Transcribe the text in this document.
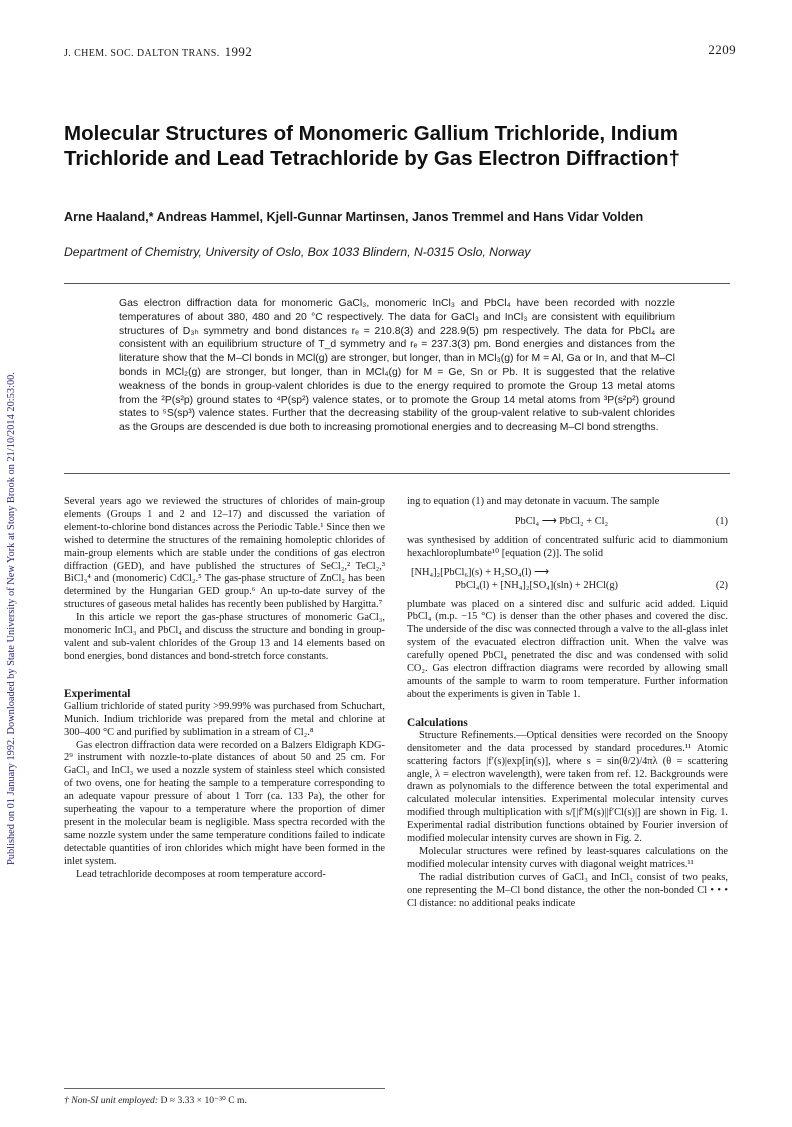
Published on 01 January 1992. Downloaded by State University of New York at Stony Brook on 21/10/2014 20:53:00.
J. CHEM. SOC. DALTON TRANS. 1992	2209
Molecular Structures of Monomeric Gallium Trichloride, Indium Trichloride and Lead Tetrachloride by Gas Electron Diffraction†
Arne Haaland,* Andreas Hammel, Kjell-Gunnar Martinsen, Janos Tremmel and Hans Vidar Volden
Department of Chemistry, University of Oslo, Box 1033 Blindern, N-0315 Oslo, Norway

Gas electron diffraction data for monomeric GaCl₃, monomeric InCl₃ and PbCl₄ have been recorded with nozzle temperatures of about 380, 480 and 20 °C respectively. The data for GaCl₃ and InCl₃ are consistent with equilibrium structures of D₃ₕ symmetry and bond distances rₑ = 210.8(3) and 228.9(5) pm respectively. The data for PbCl₄ are consistent with an equilibrium structure of T_d symmetry and rₑ = 237.3(3) pm. Bond energies and distances from the literature show that the M–Cl bonds in MCl(g) are stronger, but longer, than in MCl₃(g) for M = Al, Ga or In, and that M–Cl bonds in MCl₂(g) are stronger, but longer, than in MCl₄(g) for M = Ge, Sn or Pb. It is suggested that the relative weakness of the bonds in group-valent chlorides is due to the energy required to promote the Group 13 metal atoms from the ²P(s²p) ground states to ⁴P(sp²) valence states, or to promote the Group 14 metal atoms from ³P(s²p²) ground states to ⁵S(sp³) valence states. Further that the decreasing stability of the group-valent relative to sub-valent chlorides as the Groups are descended is due both to increasing promotional energies and to decreasing M–Cl bond strengths.

Several years ago we reviewed the structures of chlorides of main-group elements (Groups 1 and 2 and 12–17) and discussed the variation of element-to-chlorine bond distances across the Periodic Table.¹ Since then we wished to determine the structures of the remaining homoleptic chlorides of main-group elements which are stable under the conditions of gas electron diffraction (GED), and have published the structures of SeCl₂,² TeCl₂,³ BiCl₃⁴ and (monomeric) CdCl₂.⁵ The gas-phase structure of ZnCl₂ has been determined by the Hungarian GED group.⁶ An up-to-date survey of the structures of gaseous metal halides has recently been published by Hargitta.⁷

In this article we report the gas-phase structures of monomeric GaCl₃, monomeric InCl₃ and PbCl₄ and discuss the structure and bonding in group-valent and sub-valent chlorides of the Group 13 and 14 elements based on bond energies, bond distances and bond-stretch force constants.

Experimental

Gallium trichloride of stated purity >99.99% was purchased from Schuchart, Munich. Indium trichloride was prepared from the metal and chlorine at 300–400 °C and purified by sublimation in a stream of Cl₂.⁸

Gas electron diffraction data were recorded on a Balzers Eldigraph KDG-2⁹ instrument with nozzle-to-plate distances of about 50 and 25 cm. For GaCl₃ and InCl₃ we used a nozzle system of stainless steel which consisted of two ovens, one for heating the sample to a temperature corresponding to an adequate vapour pressure of about 1 Torr (ca. 133 Pa), the other for superheating the vapour to a temperature where the proportion of dimer present in the molecular beam is negligible. Mass spectra recorded with the same nozzle system under the same temperature conditions failed to indicate detectable quantities of iron chlorides which might have been formed in the inlet system.

Lead tetrachloride decomposes at room temperature accord-

† Non-SI unit employed: D ≈ 3.33 × 10⁻³⁰ C m.

ing to equation (1) and may detonate in vacuum. The sample

PbCl₄ ⟶ PbCl₂ + Cl₂	(1)

was synthesised by addition of concentrated sulfuric acid to diammonium hexachloroplumbate¹⁰ [equation (2)]. The solid

[NH₄]₂[PbCl₆](s) + H₂SO₄(l) ⟶
PbCl₄(l) + [NH₄]₂[SO₄](sln) + 2HCl(g)	(2)

plumbate was placed on a sintered disc and sulfuric acid added. Liquid PbCl₄ (m.p. −15 °C) is denser than the other phases and covered the disc. The underside of the disc was connected through a valve to the all-glass inlet system of the evacuated electron diffraction unit. When the valve was carefully opened PbCl₄ penetrated the disc and was condensed with solid CO₂. Gas electron diffraction diagrams were recorded by allowing small amounts of the sample to warm to room temperature. Further information about the experiments is given in Table 1.

Calculations

Structure Refinements.—Optical densities were recorded on the Snoopy densitometer and the data processed by standard procedures.¹¹ Atomic scattering factors |f′(s)|exp[iη(s)], where s = sin(θ/2)/4πλ (θ = scattering angle, λ = electron wavelength), were taken from ref. 12. Backgrounds were drawn as polynomials to the difference between the total experimental and calculated molecular intensities. Experimental molecular intensity curves modified through multiplication with s/[|f′M(s)||f′Cl(s)|] are shown in Fig. 1. Experimental radial distribution functions obtained by Fourier inversion of modified molecular intensity curves are shown in Fig. 2.

Molecular structures were refined by least-squares calculations on the modified molecular intensity curves with diagonal weight matrices.¹¹

The radial distribution curves of GaCl₃ and InCl₃ consist of two peaks, one representing the M–Cl bond distance, the other the non-bonded Cl • • • Cl distance: no additional peaks indicate
